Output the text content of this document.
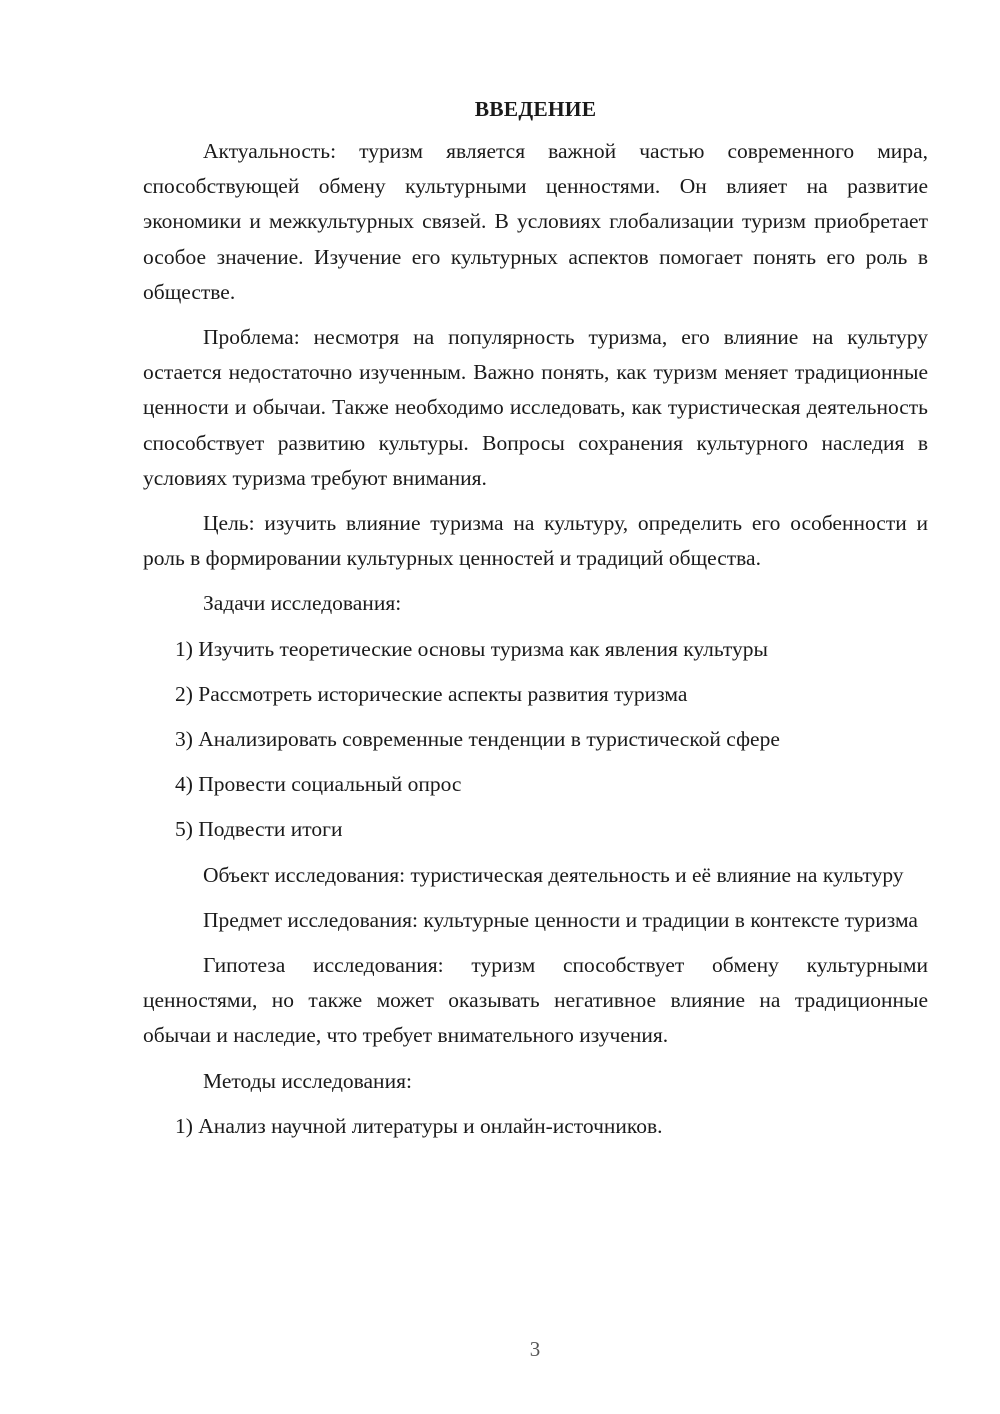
ВВЕДЕНИЕ

Актуальность: туризм является важной частью современного мира, способствующей обмену культурными ценностями. Он влияет на развитие экономики и межкультурных связей. В условиях глобализации туризм приобретает особое значение. Изучение его культурных аспектов помогает понять его роль в обществе.

Проблема: несмотря на популярность туризма, его влияние на культуру остается недостаточно изученным. Важно понять, как туризм меняет традиционные ценности и обычаи. Также необходимо исследовать, как туристическая деятельность способствует развитию культуры. Вопросы сохранения культурного наследия в условиях туризма требуют внимания.

Цель: изучить влияние туризма на культуру, определить его особенности и роль в формировании культурных ценностей и традиций общества.

Задачи исследования:

1) Изучить теоретические основы туризма как явления культуры
2) Рассмотреть исторические аспекты развития туризма
3) Анализировать современные тенденции в туристической сфере
4) Провести социальный опрос
5) Подвести итоги

Объект исследования: туристическая деятельность и её влияние на культуру

Предмет исследования: культурные ценности и традиции в контексте туризма

Гипотеза исследования: туризм способствует обмену культурными ценностями, но также может оказывать негативное влияние на традиционные обычаи и наследие, что требует внимательного изучения.

Методы исследования:

1) Анализ научной литературы и онлайн-источников.
3
